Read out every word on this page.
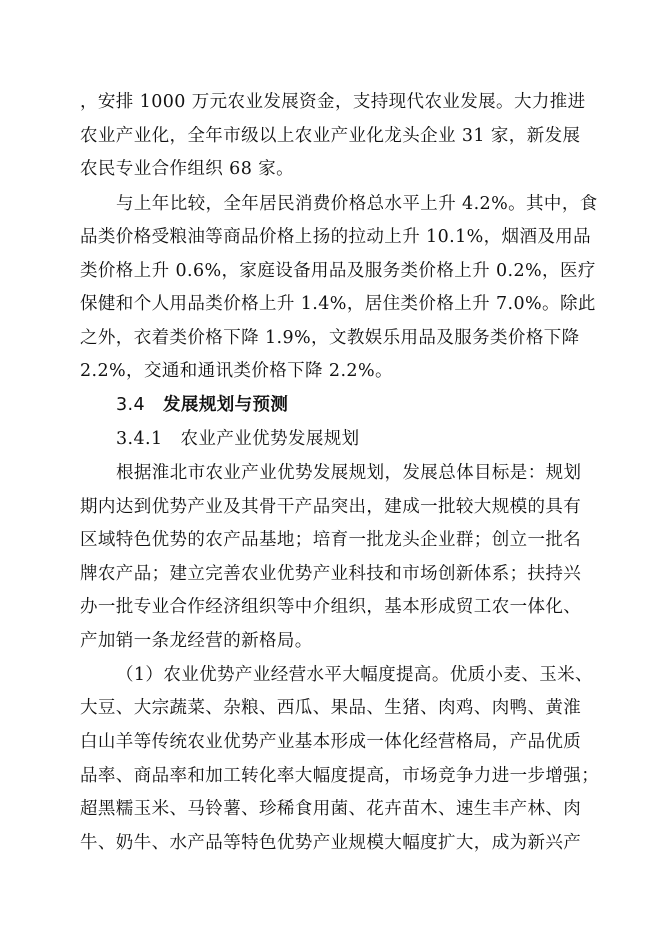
，安排 1000 万元农业发展资金，支持现代农业发展。大力推进
农业产业化，全年市级以上农业产业化龙头企业 31 家，新发展
农民专业合作组织 68 家。
与上年比较，全年居民消费价格总水平上升 4.2%。其中，食
品类价格受粮油等商品价格上扬的拉动上升 10.1%，烟酒及用品
类价格上升 0.6%，家庭设备用品及服务类价格上升 0.2%，医疗
保健和个人用品类价格上升 1.4%，居住类价格上升 7.0%。除此
之外，衣着类价格下降 1.9%，文教娱乐用品及服务类价格下降
2.2%，交通和通讯类价格下降 2.2%。
3.4 发展规划与预测
3.4.1 农业产业优势发展规划
根据淮北市农业产业优势发展规划，发展总体目标是：规划
期内达到优势产业及其骨干产品突出，建成一批较大规模的具有
区域特色优势的农产品基地；培育一批龙头企业群；创立一批名
牌农产品；建立完善农业优势产业科技和市场创新体系；扶持兴
办一批专业合作经济组织等中介组织，基本形成贸工农一体化、
产加销一条龙经营的新格局。
（1）农业优势产业经营水平大幅度提高。优质小麦、玉米、
大豆、大宗蔬菜、杂粮、西瓜、果品、生猪、肉鸡、肉鸭、黄淮
白山羊等传统农业优势产业基本形成一体化经营格局，产品优质
品率、商品率和加工转化率大幅度提高，市场竞争力进一步增强；
超黑糯玉米、马铃薯、珍稀食用菌、花卉苗木、速生丰产林、肉
牛、奶牛、水产品等特色优势产业规模大幅度扩大，成为新兴产
